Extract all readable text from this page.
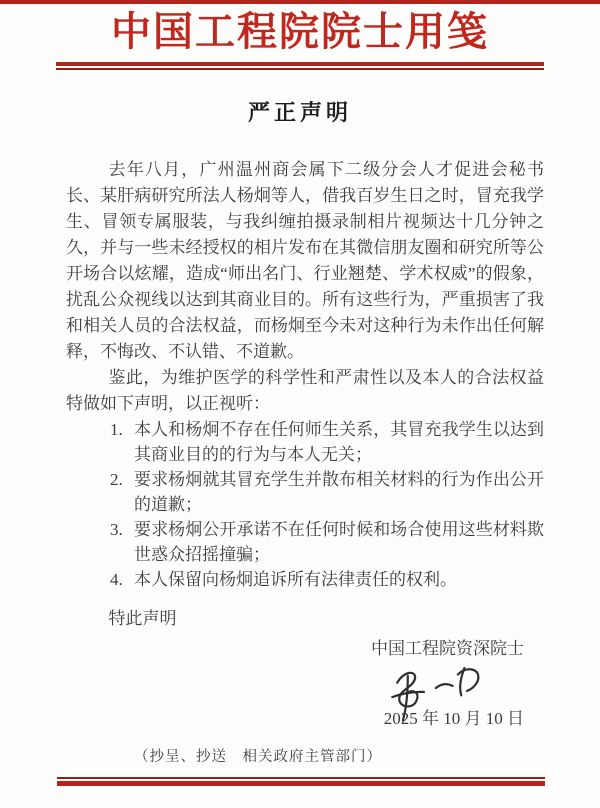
中国工程院院士用笺
严正声明

去年八月，广州温州商会属下二级分会人才促进会秘书长、某肝病研究所法人杨炯等人，借我百岁生日之时，冒充我学生、冒领专属服装，与我纠缠拍摄录制相片视频达十几分钟之久，并与一些未经授权的相片发布在其微信朋友圈和研究所等公开场合以炫耀，造成“师出名门、行业翘楚、学术权威”的假象，扰乱公众视线以达到其商业目的。所有这些行为，严重损害了我和相关人员的合法权益，而杨炯至今未对这种行为未作出任何解释，不悔改、不认错、不道歉。

鉴此，为维护医学的科学性和严肃性以及本人的合法权益特做如下声明，以正视听：

1. 本人和杨炯不存在任何师生关系，其冒充我学生以达到其商业目的的行为与本人无关；
2. 要求杨炯就其冒充学生并散布相关材料的行为作出公开的道歉；
3. 要求杨炯公开承诺不在任何时候和场合使用这些材料欺世惑众招摇撞骗；
4. 本人保留向杨炯追诉所有法律责任的权利。

特此声明

中国工程院资深院士
2025 年 10 月 10 日
（抄呈、抄送　相关政府主管部门）
